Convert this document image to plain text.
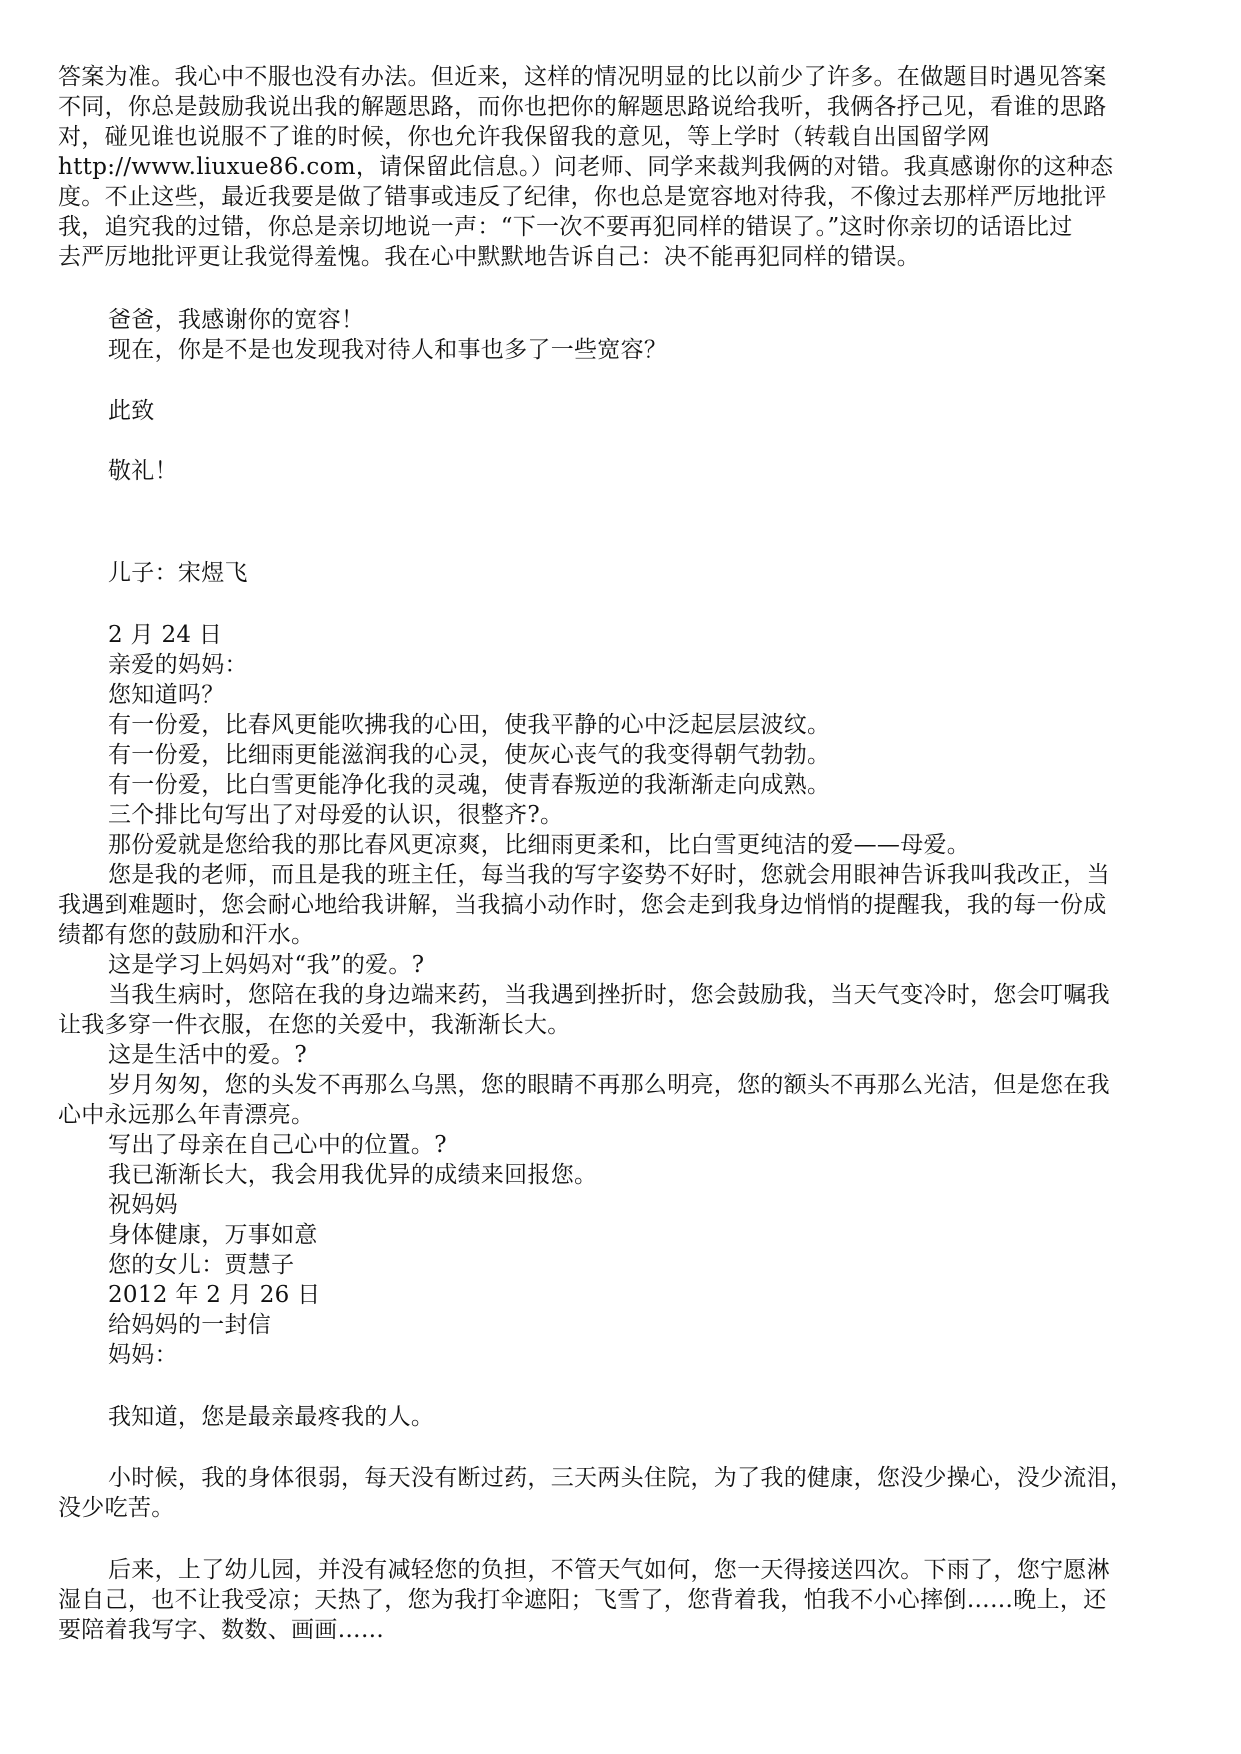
答案为准。我心中不服也没有办法。但近来，这样的情况明显的比以前少了许多。在做题目时遇见答案
不同，你总是鼓励我说出我的解题思路，而你也把你的解题思路说给我听，我俩各抒己见，看谁的思路
对，碰见谁也说服不了谁的时候，你也允许我保留我的意见，等上学时（转载自出国留学网
http://www.liuxue86.com，请保留此信息。）问老师、同学来裁判我俩的对错。我真感谢你的这种态
度。不止这些，最近我要是做了错事或违反了纪律，你也总是宽容地对待我，不像过去那样严厉地批评
我，追究我的过错，你总是亲切地说一声：“下一次不要再犯同样的错误了。”这时你亲切的话语比过
去严厉地批评更让我觉得羞愧。我在心中默默地告诉自己：决不能再犯同样的错误。
爸爸，我感谢你的宽容！
现在，你是不是也发现我对待人和事也多了一些宽容？
此致
敬礼！
儿子：宋煜飞
2 月 24 日
亲爱的妈妈：
您知道吗？
有一份爱，比春风更能吹拂我的心田，使我平静的心中泛起层层波纹。
有一份爱，比细雨更能滋润我的心灵，使灰心丧气的我变得朝气勃勃。
有一份爱，比白雪更能净化我的灵魂，使青春叛逆的我渐渐走向成熟。
三个排比句写出了对母爱的认识，很整齐?。
那份爱就是您给我的那比春风更凉爽，比细雨更柔和，比白雪更纯洁的爱——母爱。
您是我的老师，而且是我的班主任，每当我的写字姿势不好时，您就会用眼神告诉我叫我改正，当
我遇到难题时，您会耐心地给我讲解，当我搞小动作时，您会走到我身边悄悄的提醒我，我的每一份成
绩都有您的鼓励和汗水。
这是学习上妈妈对“我”的爱。?
当我生病时，您陪在我的身边端来药，当我遇到挫折时，您会鼓励我，当天气变冷时，您会叮嘱我
让我多穿一件衣服，在您的关爱中，我渐渐长大。
这是生活中的爱。?
岁月匆匆，您的头发不再那么乌黑，您的眼睛不再那么明亮，您的额头不再那么光洁，但是您在我
心中永远那么年青漂亮。
写出了母亲在自己心中的位置。?
我已渐渐长大，我会用我优异的成绩来回报您。
祝妈妈
身体健康，万事如意
您的女儿：贾慧子
2012 年 2 月 26 日
给妈妈的一封信
妈妈：
我知道，您是最亲最疼我的人。
小时候，我的身体很弱，每天没有断过药，三天两头住院，为了我的健康，您没少操心，没少流泪，
没少吃苦。
后来，上了幼儿园，并没有减轻您的负担，不管天气如何，您一天得接送四次。下雨了，您宁愿淋
湿自己，也不让我受凉；天热了，您为我打伞遮阳；飞雪了，您背着我，怕我不小心摔倒……晚上，还
要陪着我写字、数数、画画……
